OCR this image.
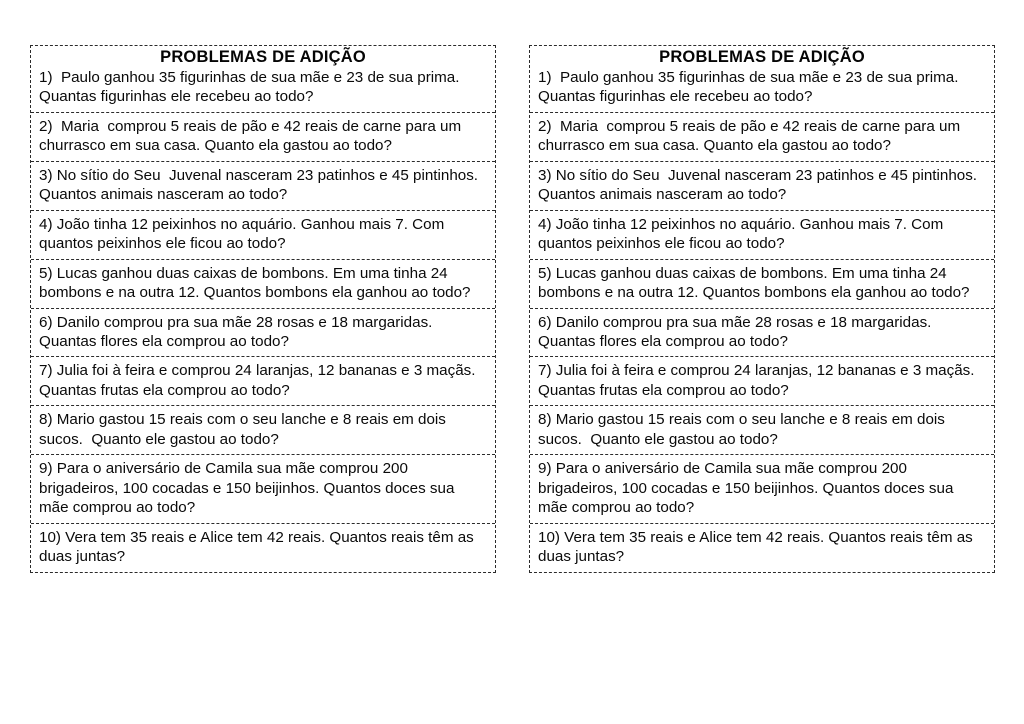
PROBLEMAS DE ADIÇÃO
1)  Paulo ganhou 35 figurinhas de sua mãe e 23 de sua prima. Quantas figurinhas ele recebeu ao todo?
2)  Maria  comprou 5 reais de pão e 42 reais de carne para um churrasco em sua casa. Quanto ela gastou ao todo?
3) No sítio do Seu  Juvenal nasceram 23 patinhos e 45 pintinhos. Quantos animais nasceram ao todo?
4) João tinha 12 peixinhos no aquário. Ganhou mais 7. Com quantos peixinhos ele ficou ao todo?
5) Lucas ganhou duas caixas de bombons. Em uma tinha 24 bombons e na outra 12. Quantos bombons ela ganhou ao todo?
6) Danilo comprou pra sua mãe 28 rosas e 18 margaridas. Quantas flores ela comprou ao todo?
7) Julia foi à feira e comprou 24 laranjas, 12 bananas e 3 maçãs. Quantas frutas ela comprou ao todo?
8) Mario gastou 15 reais com o seu lanche e 8 reais em dois sucos.  Quanto ele gastou ao todo?
9) Para o aniversário de Camila sua mãe comprou 200 brigadeiros, 100 cocadas e 150 beijinhos. Quantos doces sua mãe comprou ao todo?
10) Vera tem 35 reais e Alice tem 42 reais. Quantos reais têm as duas juntas?
PROBLEMAS DE ADIÇÃO
1)  Paulo ganhou 35 figurinhas de sua mãe e 23 de sua prima. Quantas figurinhas ele recebeu ao todo?
2)  Maria  comprou 5 reais de pão e 42 reais de carne para um churrasco em sua casa. Quanto ela gastou ao todo?
3) No sítio do Seu  Juvenal nasceram 23 patinhos e 45 pintinhos. Quantos animais nasceram ao todo?
4) João tinha 12 peixinhos no aquário. Ganhou mais 7. Com quantos peixinhos ele ficou ao todo?
5) Lucas ganhou duas caixas de bombons. Em uma tinha 24 bombons e na outra 12. Quantos bombons ela ganhou ao todo?
6) Danilo comprou pra sua mãe 28 rosas e 18 margaridas. Quantas flores ela comprou ao todo?
7) Julia foi à feira e comprou 24 laranjas, 12 bananas e 3 maçãs. Quantas frutas ela comprou ao todo?
8) Mario gastou 15 reais com o seu lanche e 8 reais em dois sucos.  Quanto ele gastou ao todo?
9) Para o aniversário de Camila sua mãe comprou 200 brigadeiros, 100 cocadas e 150 beijinhos. Quantos doces sua mãe comprou ao todo?
10) Vera tem 35 reais e Alice tem 42 reais. Quantos reais têm as duas juntas?
